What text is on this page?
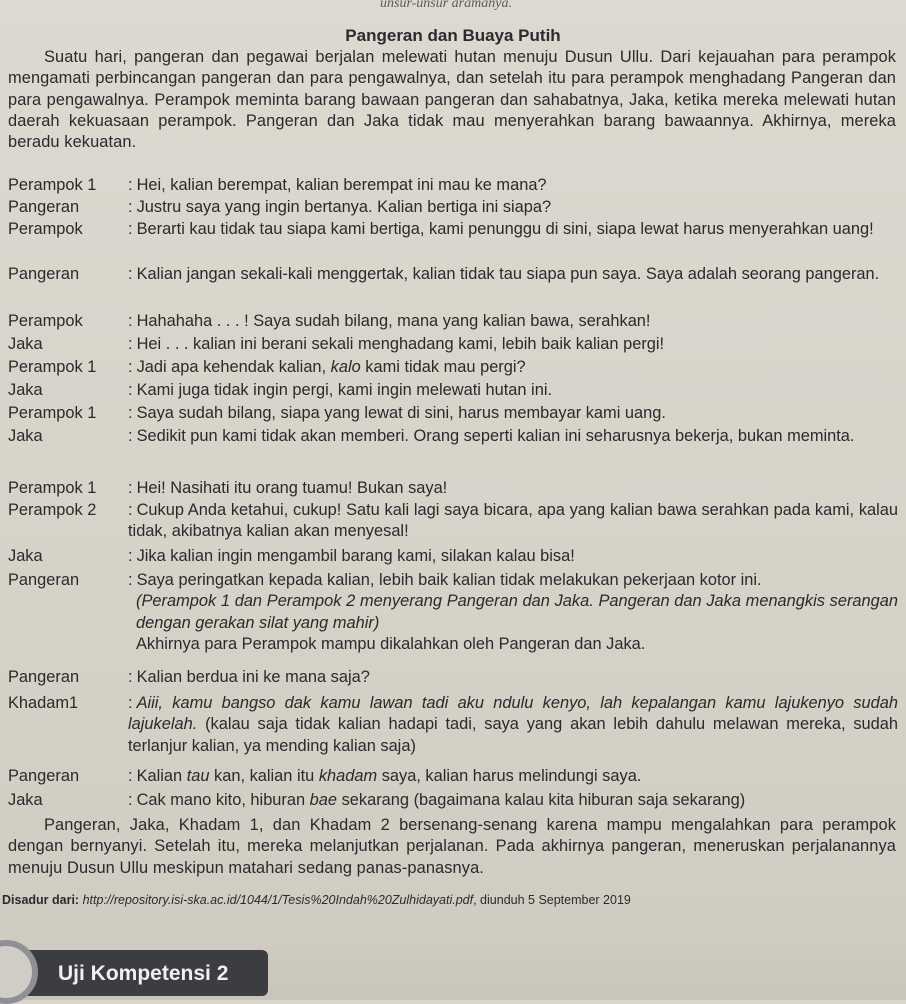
unsur-unsur aramanya.
Pangeran dan Buaya Putih
Suatu hari, pangeran dan pegawai berjalan melewati hutan menuju Dusun Ullu. Dari kejauahan para perampok mengamati perbincangan pangeran dan para pengawalnya, dan setelah itu para perampok menghadang Pangeran dan para pengawalnya. Perampok meminta barang bawaan pangeran dan sahabatnya, Jaka, ketika mereka melewati hutan daerah kekuasaan perampok. Pangeran dan Jaka tidak mau menyerahkan barang bawaannya. Akhirnya, mereka beradu kekuatan.
Perampok 1 : Hei, kalian berempat, kalian berempat ini mau ke mana?
Pangeran	: Justru saya yang ingin bertanya. Kalian bertiga ini siapa?
Perampok	: Berarti kau tidak tau siapa kami bertiga, kami penunggu di sini, siapa lewat harus menyerahkan uang!
Pangeran	: Kalian jangan sekali-kali menggertak, kalian tidak tau siapa pun saya. Saya adalah seorang pangeran.
Perampok	: Hahahaha . . . ! Saya sudah bilang, mana yang kalian bawa, serahkan!
Jaka	: Hei . . . kalian ini berani sekali menghadang kami, lebih baik kalian pergi!
Perampok 1 : Jadi apa kehendak kalian, kalo kami tidak mau pergi?
Jaka	: Kami juga tidak ingin pergi, kami ingin melewati hutan ini.
Perampok 1 : Saya sudah bilang, siapa yang lewat di sini, harus membayar kami uang.
Jaka	: Sedikit pun kami tidak akan memberi. Orang seperti kalian ini seharusnya bekerja, bukan meminta.
Perampok 1 : Hei! Nasihati itu orang tuamu! Bukan saya!
Perampok 2 : Cukup Anda ketahui, cukup! Satu kali lagi saya bicara, apa yang kalian bawa serahkan pada kami, kalau tidak, akibatnya kalian akan menyesal!
Jaka	: Jika kalian ingin mengambil barang kami, silakan kalau bisa!
Pangeran	: Saya peringatkan kepada kalian, lebih baik kalian tidak melakukan pekerjaan kotor ini.
(Perampok 1 dan Perampok 2 menyerang Pangeran dan Jaka. Pangeran dan Jaka menangkis serangan dengan gerakan silat yang mahir)
Akhirnya para Perampok mampu dikalahkan oleh Pangeran dan Jaka.
Pangeran	: Kalian berdua ini ke mana saja?
Khadam1	: Aiii, kamu bangso dak kamu lawan tadi aku ndulu kenyo, lah kepalangan kamu lajukenyo sudah lajukelah. (kalau saja tidak kalian hadapi tadi, saya yang akan lebih dahulu melawan mereka, sudah terlanjur kalian, ya mending kalian saja)
Pangeran	: Kalian tau kan, kalian itu khadam saya, kalian harus melindungi saya.
Jaka	: Cak mano kito, hiburan bae sekarang (bagaimana kalau kita hiburan saja sekarang)
Pangeran, Jaka, Khadam 1, dan Khadam 2 bersenang-senang karena mampu mengalahkan para perampok dengan bernyanyi. Setelah itu, mereka melanjutkan perjalanan. Pada akhirnya pangeran, meneruskan perjalanannya menuju Dusun Ullu meskipun matahari sedang panas-panasnya.
Disadur dari: http://repository.isi-ska.ac.id/1044/1/Tesis%20Indah%20Zulhidayati.pdf, diunduh 5 September 2019
Uji Kompetensi 2
